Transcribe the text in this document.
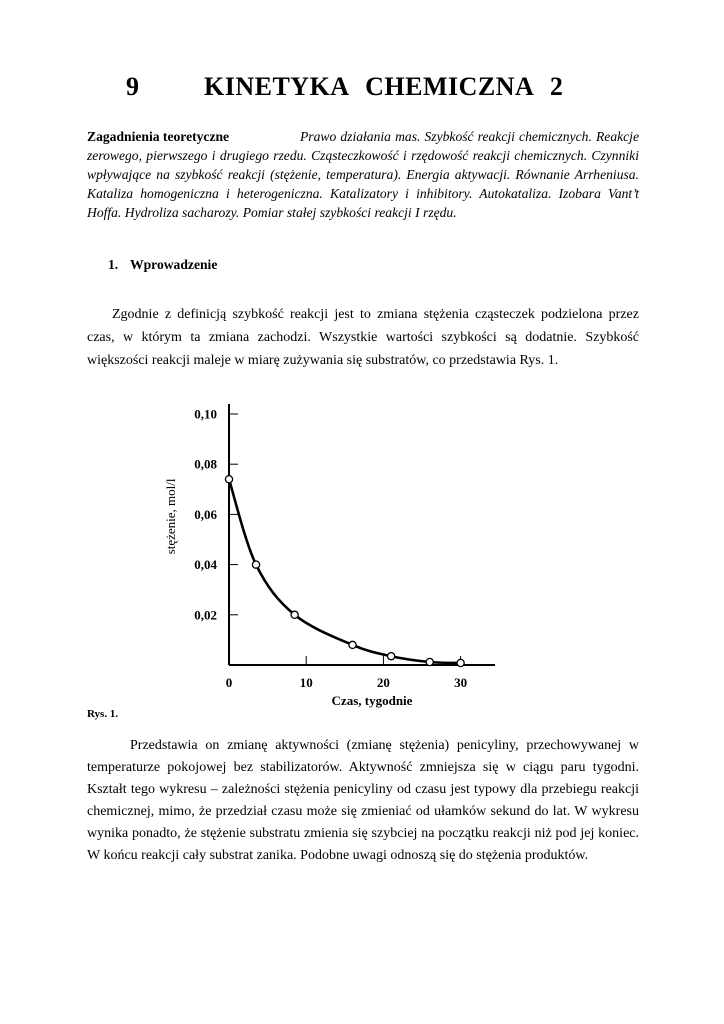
9	KINETYKA CHEMICZNA 2
Zagadnienia teoretyczne	Prawo działania mas. Szybkość reakcji chemicznych. Reakcje zerowego, pierwszego i drugiego rzedu. Cząsteczkowość i rzędowość reakcji chemicznych. Czynniki wpływające na szybkość reakcji (stężenie, temperatura). Energia aktywacji. Równanie Arrheniusa. Kataliza homogeniczna i heterogeniczna. Katalizatory i inhibitory. Autokataliza. Izobara Vant’t Hoffa. Hydroliza sacharozy. Pomiar stałej szybkości reakcji I rzędu.
1. Wprowadzenie
Zgodnie z definicją szybkość reakcji jest to zmiana stężenia cząsteczek podzielona przez czas, w którym ta zmiana zachodzi. Wszystkie wartości szybkości są dodatnie. Szybkość większości reakcji maleje w miarę zużywania się substratów, co przedstawia Rys. 1.
0,02
0,04
0,06
0,08
0,10
0	10	20	30
Czas, tygodnie
stężenie, mol/l
Rys. 1.
Przedstawia on zmianę aktywności (zmianę stężenia) penicyliny, przechowywanej w temperaturze pokojowej bez stabilizatorów. Aktywność zmniejsza się w ciągu paru tygodni. Kształt tego wykresu – zależności stężenia penicyliny od czasu jest typowy dla przebiegu reakcji chemicznej, mimo, że przedział czasu może się zmieniać od ułamków sekund do lat. W wykresu wynika ponadto, że stężenie substratu zmienia się szybciej na początku reakcji niż pod jej koniec. W końcu reakcji cały substrat zanika. Podobne uwagi odnoszą się do stężenia produktów.
